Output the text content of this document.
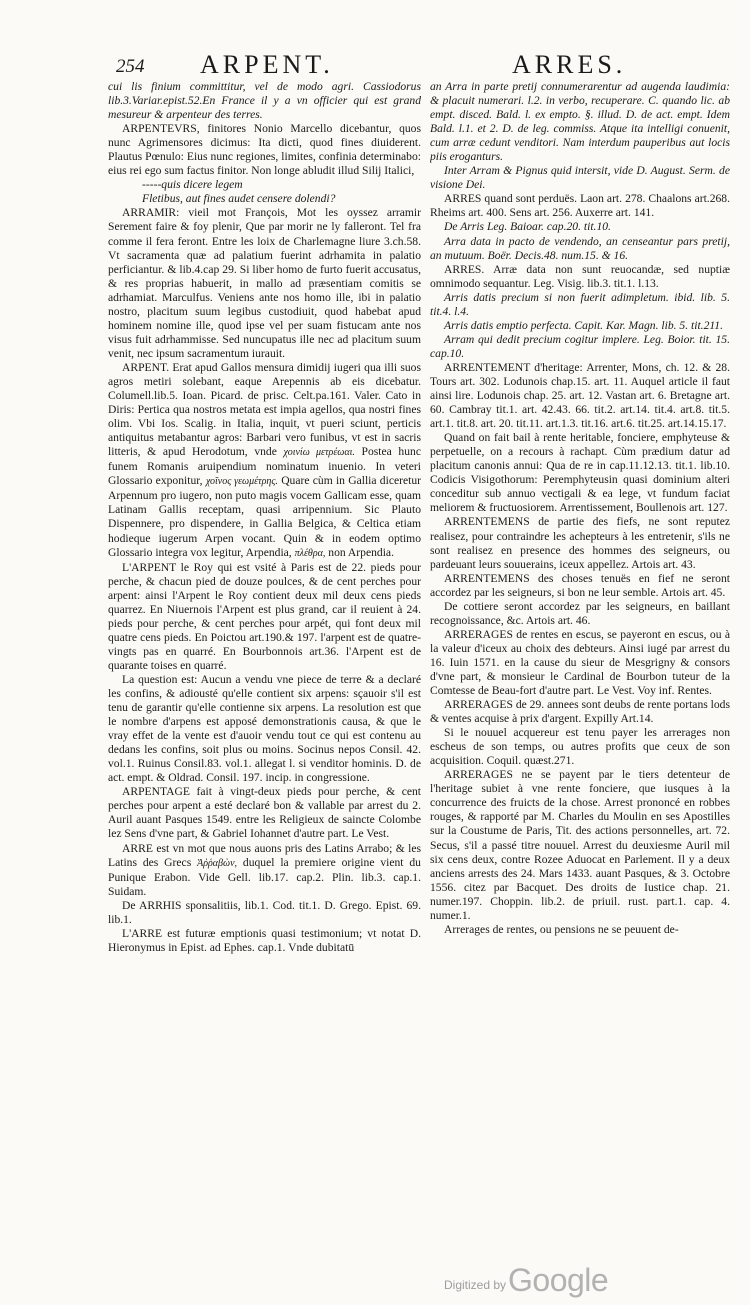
254 ARPENT.	ARRES.

cui lis finium committitur, vel de modo agri. Cassiodorus lib.3.Variar.epist.52.En France il y a vn officier qui est grand mesureur & arpenteur des terres.

ARPENTEVRS, finitores Nonio Marcello dicebantur, quos nunc Agrimensores dicimus: Ita dicti, quod fines diuiderent. Plautus Pœnulo: Eius nunc regiones, limites, confinia determinabo: eius rei ego sum factus finitor. Non longe abludit illud Silij Italici,

-----quis dicere legem

Fletibus, aut fines audet censere dolendi?

ARRAMIR: vieil mot François, Mot les oyssez arramir Serement faire & foy plenir, Que par morir ne ly falleront. Tel fra comme il fera feront. Entre les loix de Charlemagne liure 3.ch.58. Vt sacramenta quæ ad palatium fuerint adrhamita in palatio perficiantur. & lib.4.cap 29. Si liber homo de furto fuerit accusatus, & res proprias habuerit, in mallo ad præsentiam comitis se adrhamiat. Marculfus. Veniens ante nos homo ille, ibi in palatio nostro, placitum suum legibus custodiuit, quod habebat apud hominem nomine ille, quod ipse vel per suam fistucam ante nos visus fuit adrhammisse. Sed nuncupatus ille nec ad placitum suum venit, nec ipsum sacramentum iurauit.

ARPENT. Erat apud Gallos mensura dimidij iugeri qua illi suos agros metiri solebant, eaque Arepennis ab eis dicebatur. Columell.lib.5. Ioan. Picard. de prisc. Celt.pa.161. Valer. Cato in Diris: Pertica qua nostros metata est impia agellos, qua nostri fines olim. Vbi Ios. Scalig. in Italia, inquit, vt pueri sciunt, perticis antiquitus metabantur agros: Barbari vero funibus, vt est in sacris litteris, & apud Herodotum, vnde χοινίω μετρέωαι. Postea hunc funem Romanis aruipendium nominatum inuenio. In veteri Glossario exponitur, χοῖνος γεωμέτρης. Quare cùm in Gallia diceretur Arpennum pro iugero, non puto magis vocem Gallicam esse, quam Latinam Gallis receptam, quasi arripennium. Sic Plauto Dispennere, pro dispendere, in Gallia Belgica, & Celtica etiam hodieque iugerum Arpen vocant. Quin & in eodem optimo Glossario integra vox legitur, Arpendia, πλέθρα, non Arpendia.

L'ARPENT le Roy qui est vsité à Paris est de 22. pieds pour perche, & chacun pied de douze poulces, & de cent perches pour arpent: ainsi l'Arpent le Roy contient deux mil deux cens pieds quarrez. En Niuernois l'Arpent est plus grand, car il reuient à 24. pieds pour perche, & cent perches pour arpét, qui font deux mil quatre cens pieds. En Poictou art.190.& 197. l'arpent est de quatre-vingts pas en quarré. En Bourbonnois art.36. l'Arpent est de quarante toises en quarré.

La question est: Aucun a vendu vne piece de terre & a declaré les confins, & adiousté qu'elle contient six arpens: sçauoir s'il est tenu de garantir qu'elle contienne six arpens. La resolution est que le nombre d'arpens est apposé demonstrationis causa, & que le vray effet de la vente est d'auoir vendu tout ce qui est contenu au dedans les confins, soit plus ou moins. Socinus nepos Consil. 42. vol.1. Ruinus Consil.83. vol.1. allegat l. si venditor hominis. D. de act. empt. & Oldrad. Consil. 197. incip. in congressione.

ARPENTAGE fait à vingt-deux pieds pour perche, & cent perches pour arpent a esté declaré bon & vallable par arrest du 2. Auril auant Pasques 1549. entre les Religieux de saincte Colombe lez Sens d'vne part, & Gabriel Iohannet d'autre part. Le Vest.

ARRE est vn mot que nous auons pris des Latins Arrabo; & les Latins des Grecs Ἀῤῥαβὼν, duquel la premiere origine vient du Punique Erabon. Vide Gell. lib.17. cap.2. Plin. lib.3. cap.1. Suidam.

De ARRHIS sponsalitiis, lib.1. Cod. tit.1. D. Grego. Epist. 69. lib.1.

L'ARRE est futuræ emptionis quasi testimonium; vt notat D. Hieronymus in Epist. ad Ephes. cap.1. Vnde dubitatū

an Arra in parte pretij connumerarentur ad augenda laudimia: & placuit numerari. l.2. in verbo, recuperare. C. quando lic. ab empt. disced. Bald. l. ex empto. §. illud. D. de act. empt. Idem Bald. l.1. et 2. D. de leg. commiss. Atque ita intelligi conuenit, cum arræ cedunt venditori. Nam interdum pauperibus aut locis piis eroganturs.

Inter Arram & Pignus quid intersit, vide D. August. Serm. de visione Dei.

ARRES quand sont perduës. Laon art. 278. Chaalons art.268. Rheims art. 400. Sens art. 256. Auxerre art. 141.

De Arris Leg. Baioar. cap.20. tit.10.

Arra data in pacto de vendendo, an censeantur pars pretij, an mutuum. Boër. Decis.48. num.15. & 16.

ARRES. Arræ data non sunt reuocandæ, sed nuptiæ omnimodo sequantur. Leg. Visig. lib.3. tit.1. l.13.

Arris datis precium si non fuerit adimpletum. ibid. lib. 5. tit.4. l.4.

Arris datis emptio perfecta. Capit. Kar. Magn. lib. 5. tit.211.

Arram qui dedit precium cogitur implere. Leg. Boior. tit. 15. cap.10.

ARRENTEMENT d'heritage: Arrenter, Mons, ch. 12. & 28. Tours art. 302. Lodunois chap.15. art. 11. Auquel article il faut ainsi lire. Lodunois chap. 25. art. 12. Vastan art. 6. Bretagne art. 60. Cambray tit.1. art. 42.43. 66. tit.2. art.14. tit.4. art.8. tit.5. art.1. tit.8. art. 20. tit.11. art.1.3. tit.16. art.6. tit.25. art.14.15.17.

Quand on fait bail à rente heritable, fonciere, emphyteuse & perpetuelle, on a recours à rachapt. Cùm prædium datur ad placitum canonis annui: Qua de re in cap.11.12.13. tit.1. lib.10. Codicis Visigothorum: Peremphyteusin quasi dominium alteri conceditur sub annuo vectigali & ea lege, vt fundum faciat meliorem & fructuosiorem. Arrentissement, Boullenois art. 127.

ARRENTEMENS de partie des fiefs, ne sont reputez realisez, pour contraindre les achepteurs à les entretenir, s'ils ne sont realisez en presence des hommes des seigneurs, ou pardeuant leurs souuerains, iceux appellez. Artois art. 43.

ARRENTEMENS des choses tenuës en fief ne seront accordez par les seigneurs, si bon ne leur semble. Artois art. 45.

De cottiere seront accordez par les seigneurs, en baillant recognoissance, &c. Artois art. 46.

ARRERAGES de rentes en escus, se payeront en escus, ou à la valeur d'iceux au choix des debteurs. Ainsi iugé par arrest du 16. Iuin 1571. en la cause du sieur de Mesgrigny & consors d'vne part, & monsieur le Cardinal de Bourbon tuteur de la Comtesse de Beau-fort d'autre part. Le Vest. Voy inf. Rentes.

ARRERAGES de 29. annees sont deubs de rente portans lods & ventes acquise à prix d'argent. Expilly Art.14.

Si le nouuel acquereur est tenu payer les arrerages non escheus de son temps, ou autres profits que ceux de son acquisition. Coquil. quæst.271.

ARRERAGES ne se payent par le tiers detenteur de l'heritage subiet à vne rente fonciere, que iusques à la concurrence des fruicts de la chose. Arrest prononcé en robbes rouges, & rapporté par M. Charles du Moulin en ses Apostilles sur la Coustume de Paris, Tit. des actions personnelles, art. 72. Secus, s'il a passé titre nouuel. Arrest du deuxiesme Auril mil six cens deux, contre Rozee Aduocat en Parlement. Il y a deux anciens arrests des 24. Mars 1433. auant Pasques, & 3. Octobre 1556. citez par Bacquet. Des droits de Iustice chap. 21. numer.197. Choppin. lib.2. de priuil. rust. part.1. cap. 4. numer.1.

Arrerages de rentes, ou pensions ne se peuuent de-

Digitized by Google
